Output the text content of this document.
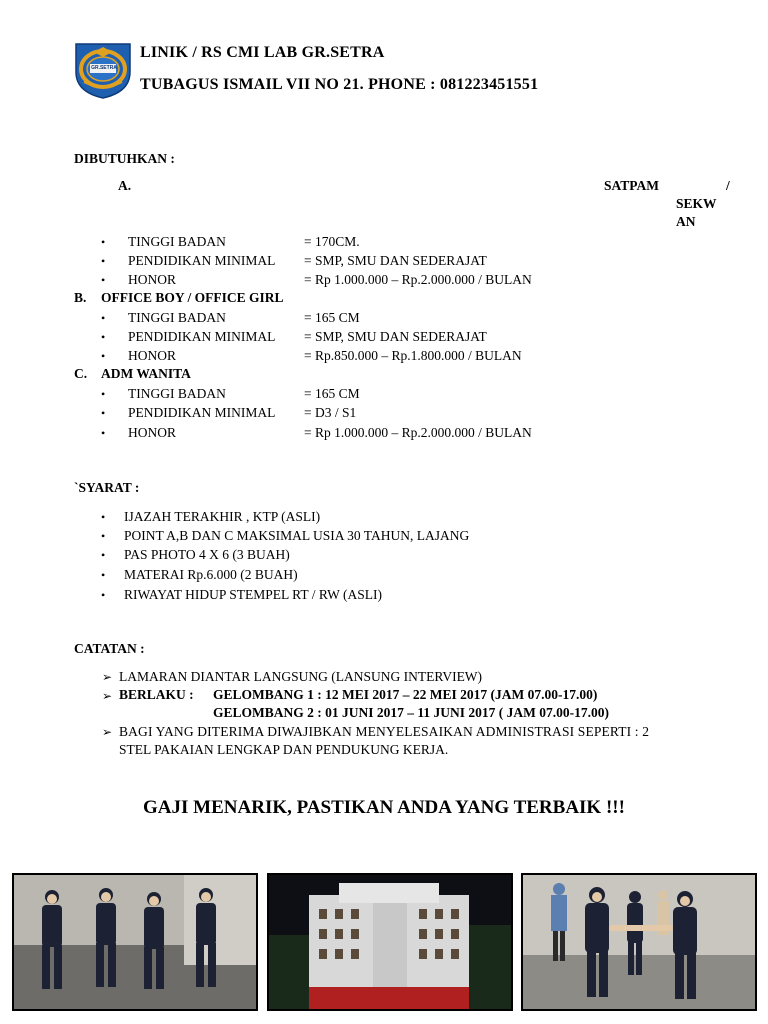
GR.SETRA
LINIK / RS CMI LAB GR.SETRA
TUBAGUS ISMAIL VII NO 21. PHONE : 081223451551
DIBUTUHKAN :
A.	SATPAM	/
SEKW
AN
• TINGGI BADAN	= 170CM.
• PENDIDIKAN MINIMAL = SMP, SMU DAN SEDERAJAT
• HONOR	= Rp 1.000.000 – Rp.2.000.000 / BULAN
B. OFFICE BOY / OFFICE GIRL
• TINGGI BADAN	= 165 CM
• PENDIDIKAN MINIMAL = SMP, SMU DAN SEDERAJAT
• HONOR	= Rp.850.000 – Rp.1.800.000 / BULAN
C. ADM WANITA
• TINGGI BADAN	= 165 CM
• PENDIDIKAN MINIMAL = D3 / S1
• HONOR	= Rp 1.000.000 – Rp.2.000.000 / BULAN
`SYARAT :
• IJAZAH TERAKHIR , KTP (ASLI)
• POINT A,B DAN C MAKSIMAL USIA 30 TAHUN, LAJANG
• PAS PHOTO 4 X 6 (3 BUAH)
• MATERAI Rp.6.000 (2 BUAH)
• RIWAYAT HIDUP STEMPEL RT / RW (ASLI)
CATATAN :
➢ LAMARAN DIANTAR LANGSUNG (LANSUNG INTERVIEW)
➢ BERLAKU : GELOMBANG 1 : 12 MEI 2017 – 22 MEI 2017 (JAM 07.00-17.00)
GELOMBANG 2 : 01 JUNI 2017 – 11 JUNI 2017 ( JAM 07.00-17.00)
➢ BAGI YANG DITERIMA DIWAJIBKAN MENYELESAIKAN ADMINISTRASI SEPERTI : 2
STEL PAKAIAN LENGKAP DAN PENDUKUNG KERJA.
GAJI MENARIK, PASTIKAN ANDA YANG TERBAIK !!!
